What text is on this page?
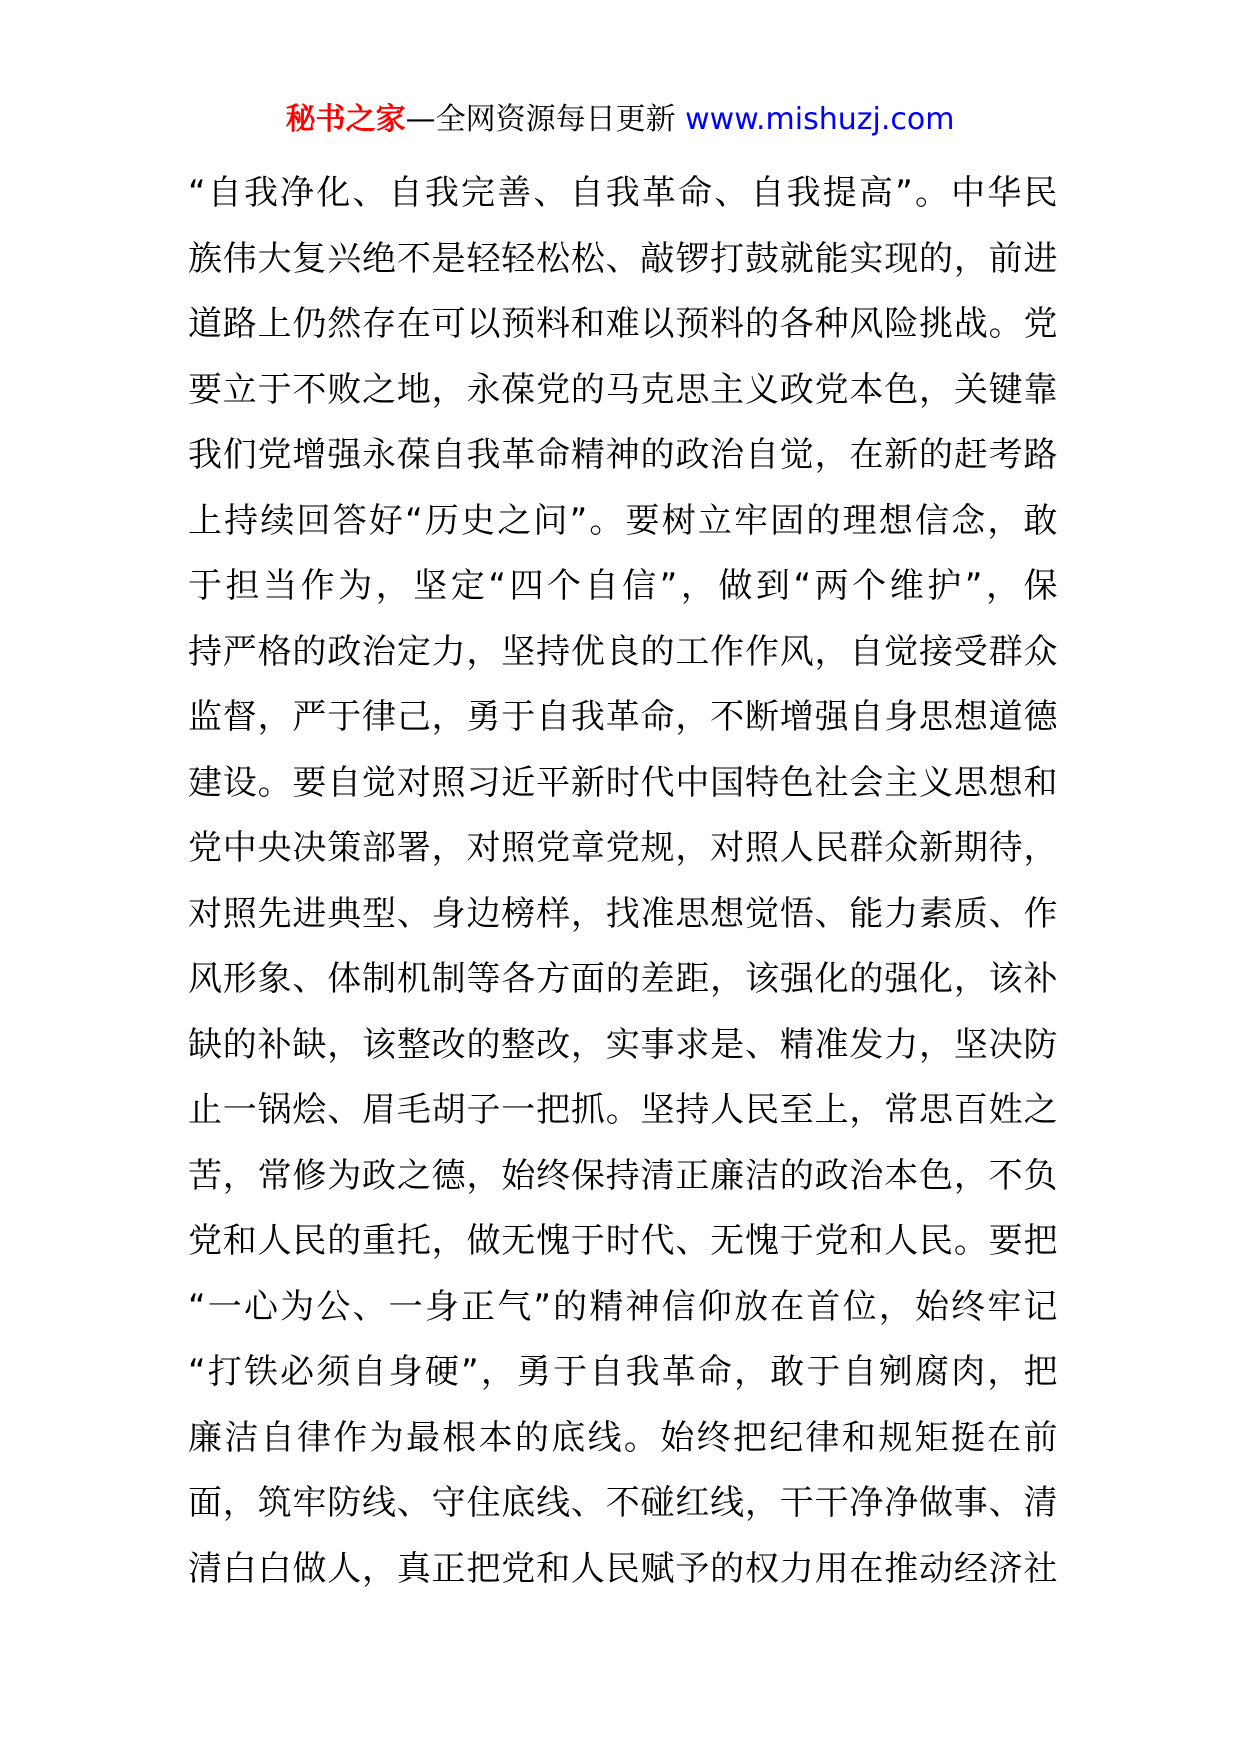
秘书之家—全网资源每日更新 www.mishuzj.com
“自我净化、自我完善、自我革命、自我提高”。中华民
族伟大复兴绝不是轻轻松松、敲锣打鼓就能实现的，前进
道路上仍然存在可以预料和难以预料的各种风险挑战。党
要立于不败之地，永葆党的马克思主义政党本色，关键靠
我们党增强永葆自我革命精神的政治自觉，在新的赶考路
上持续回答好“历史之问”。要树立牢固的理想信念，敢
于担当作为，坚定“四个自信”，做到“两个维护”，保
持严格的政治定力，坚持优良的工作作风，自觉接受群众
监督，严于律己，勇于自我革命，不断增强自身思想道德
建设。要自觉对照习近平新时代中国特色社会主义思想和
党中央决策部署，对照党章党规，对照人民群众新期待，
对照先进典型、身边榜样，找准思想觉悟、能力素质、作
风形象、体制机制等各方面的差距，该强化的强化，该补
缺的补缺，该整改的整改，实事求是、精准发力，坚决防
止一锅烩、眉毛胡子一把抓。坚持人民至上，常思百姓之
苦，常修为政之德，始终保持清正廉洁的政治本色，不负
党和人民的重托，做无愧于时代、无愧于党和人民。要把
“一心为公、一身正气”的精神信仰放在首位，始终牢记
“打铁必须自身硬”，勇于自我革命，敢于自剜腐肉，把
廉洁自律作为最根本的底线。始终把纪律和规矩挺在前
面，筑牢防线、守住底线、不碰红线，干干净净做事、清
清白白做人，真正把党和人民赋予的权力用在推动经济社
